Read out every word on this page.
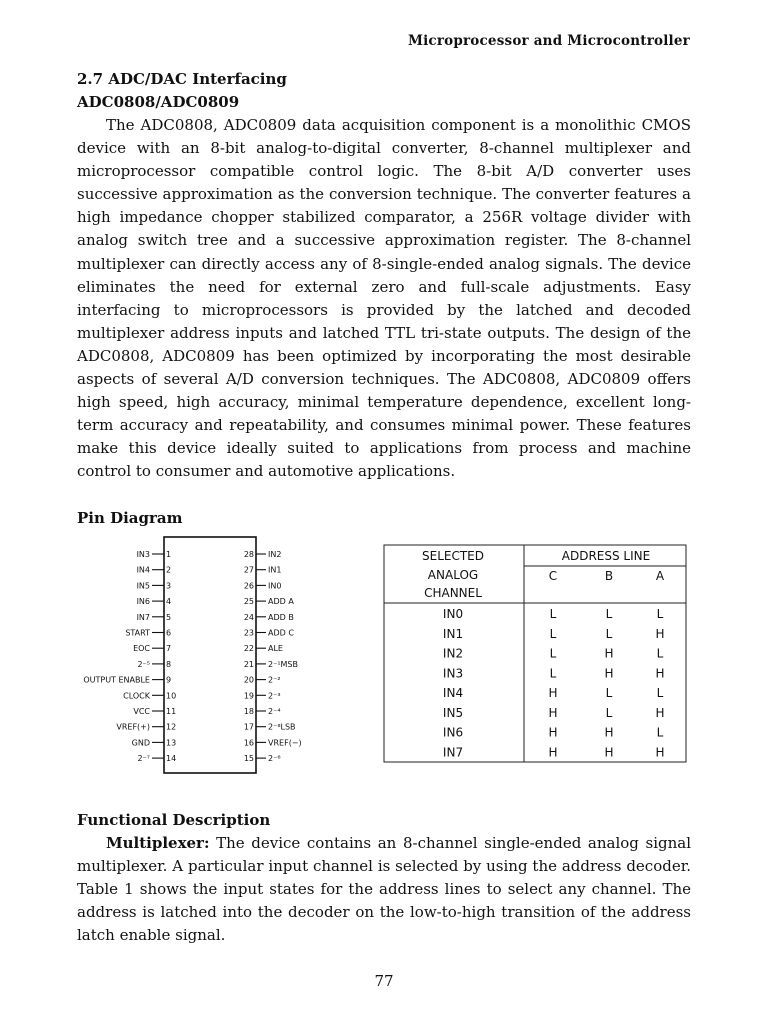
Microprocessor and Microcontroller
2.7 ADC/DAC Interfacing
ADC0808/ADC0809

The ADC0808, ADC0809 data acquisition component is a monolithic CMOS device with an 8-bit analog-to-digital converter, 8-channel multiplexer and microprocessor compatible control logic. The 8-bit A/D converter uses successive approximation as the conversion technique. The converter features a high impedance chopper stabilized comparator, a 256R voltage divider with analog switch tree and a successive approximation register. The 8-channel multiplexer can directly access any of 8-single-ended analog signals. The device eliminates the need for external zero and full-scale adjustments. Easy interfacing to microprocessors is provided by the latched and decoded multiplexer address inputs and latched TTL tri-state outputs. The design of the ADC0808, ADC0809 has been optimized by incorporating the most desirable aspects of several A/D conversion techniques. The ADC0808, ADC0809 offers high speed, high accuracy, minimal temperature dependence, excellent long-term accuracy and repeatability, and consumes minimal power. These features make this device ideally suited to applications from process and machine control to consumer and automotive applications.

Pin Diagram
1
IN3
2
IN4
3
IN5
4
IN6
5
IN7
6
START
7
EOC
8
2⁻⁵
9
OUTPUT ENABLE
10
CLOCK
11
VCC
12
VREF(+)
13
GND
14
2⁻⁷
28 IN2
27 IN1
26 IN0
25 ADD A
24 ADD B
23 ADD C
22 ALE
21 2⁻¹MSB
20 2⁻²
19 2⁻³
18 2⁻⁴
17 2⁻⁸LSB
16 VREF(−)
15 2⁻⁶
SELECTED
ANALOG
CHANNEL
ADDRESS LINE
C	B	A
IN0	L	L	L
IN1	L	L	H
IN2	L	H	L
IN3	L	H	H
IN4	H	L	L
IN5	H	L	H
IN6	H	H	L
IN7	H	H	H
Functional Description

Multiplexer: The device contains an 8-channel single-ended analog signal multiplexer. A particular input channel is selected by using the address decoder. Table 1 shows the input states for the address lines to select any channel. The address is latched into the decoder on the low-to-high transition of the address latch enable signal.

77
